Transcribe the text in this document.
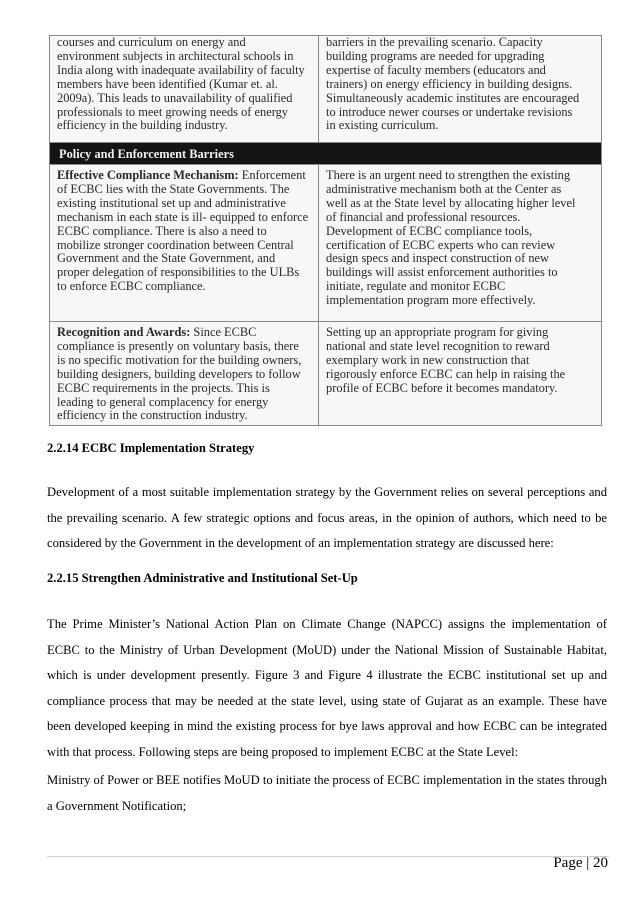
courses and curriculum on energy and
environment subjects in architectural schools in
India along with inadequate availability of faculty
members have been identified (Kumar et. al.
2009a). This leads to unavailability of qualified
professionals to meet growing needs of energy
efficiency in the building industry.
barriers in the prevailing scenario. Capacity
building programs are needed for upgrading
expertise of faculty members (educators and
trainers) on energy efficiency in building designs.
Simultaneously academic institutes are encouraged
to introduce newer courses or undertake revisions
in existing curriculum.
Policy and Enforcement Barriers
Effective Compliance Mechanism: Enforcement
of ECBC lies with the State Governments. The
existing institutional set up and administrative
mechanism in each state is ill- equipped to enforce
ECBC compliance. There is also a need to
mobilize stronger coordination between Central
Government and the State Government, and
proper delegation of responsibilities to the ULBs
to enforce ECBC compliance.
There is an urgent need to strengthen the existing
administrative mechanism both at the Center as
well as at the State level by allocating higher level
of financial and professional resources.
Development of ECBC compliance tools,
certification of ECBC experts who can review
design specs and inspect construction of new
buildings will assist enforcement authorities to
initiate, regulate and monitor ECBC
implementation program more effectively.
Recognition and Awards: Since ECBC
compliance is presently on voluntary basis, there
is no specific motivation for the building owners,
building designers, building developers to follow
ECBC requirements in the projects. This is
leading to general complacency for energy
efficiency in the construction industry.
Setting up an appropriate program for giving
national and state level recognition to reward
exemplary work in new construction that
rigorously enforce ECBC can help in raising the
profile of ECBC before it becomes mandatory.
2.2.14 ECBC Implementation Strategy
Development of a most suitable implementation strategy by the Government relies on several perceptions and the prevailing scenario. A few strategic options and focus areas, in the opinion of authors, which need to be considered by the Government in the development of an implementation strategy are discussed here:
2.2.15 Strengthen Administrative and Institutional Set-Up
The Prime Minister’s National Action Plan on Climate Change (NAPCC) assigns the implementation of ECBC to the Ministry of Urban Development (MoUD) under the National Mission of Sustainable Habitat, which is under development presently. Figure 3 and Figure 4 illustrate the ECBC institutional set up and compliance process that may be needed at the state level, using state of Gujarat as an example. These have been developed keeping in mind the existing process for bye laws approval and how ECBC can be integrated with that process. Following steps are being proposed to implement ECBC at the State Level:
Ministry of Power or BEE notifies MoUD to initiate the process of ECBC implementation in the states through a Government Notification;
Page | 20
